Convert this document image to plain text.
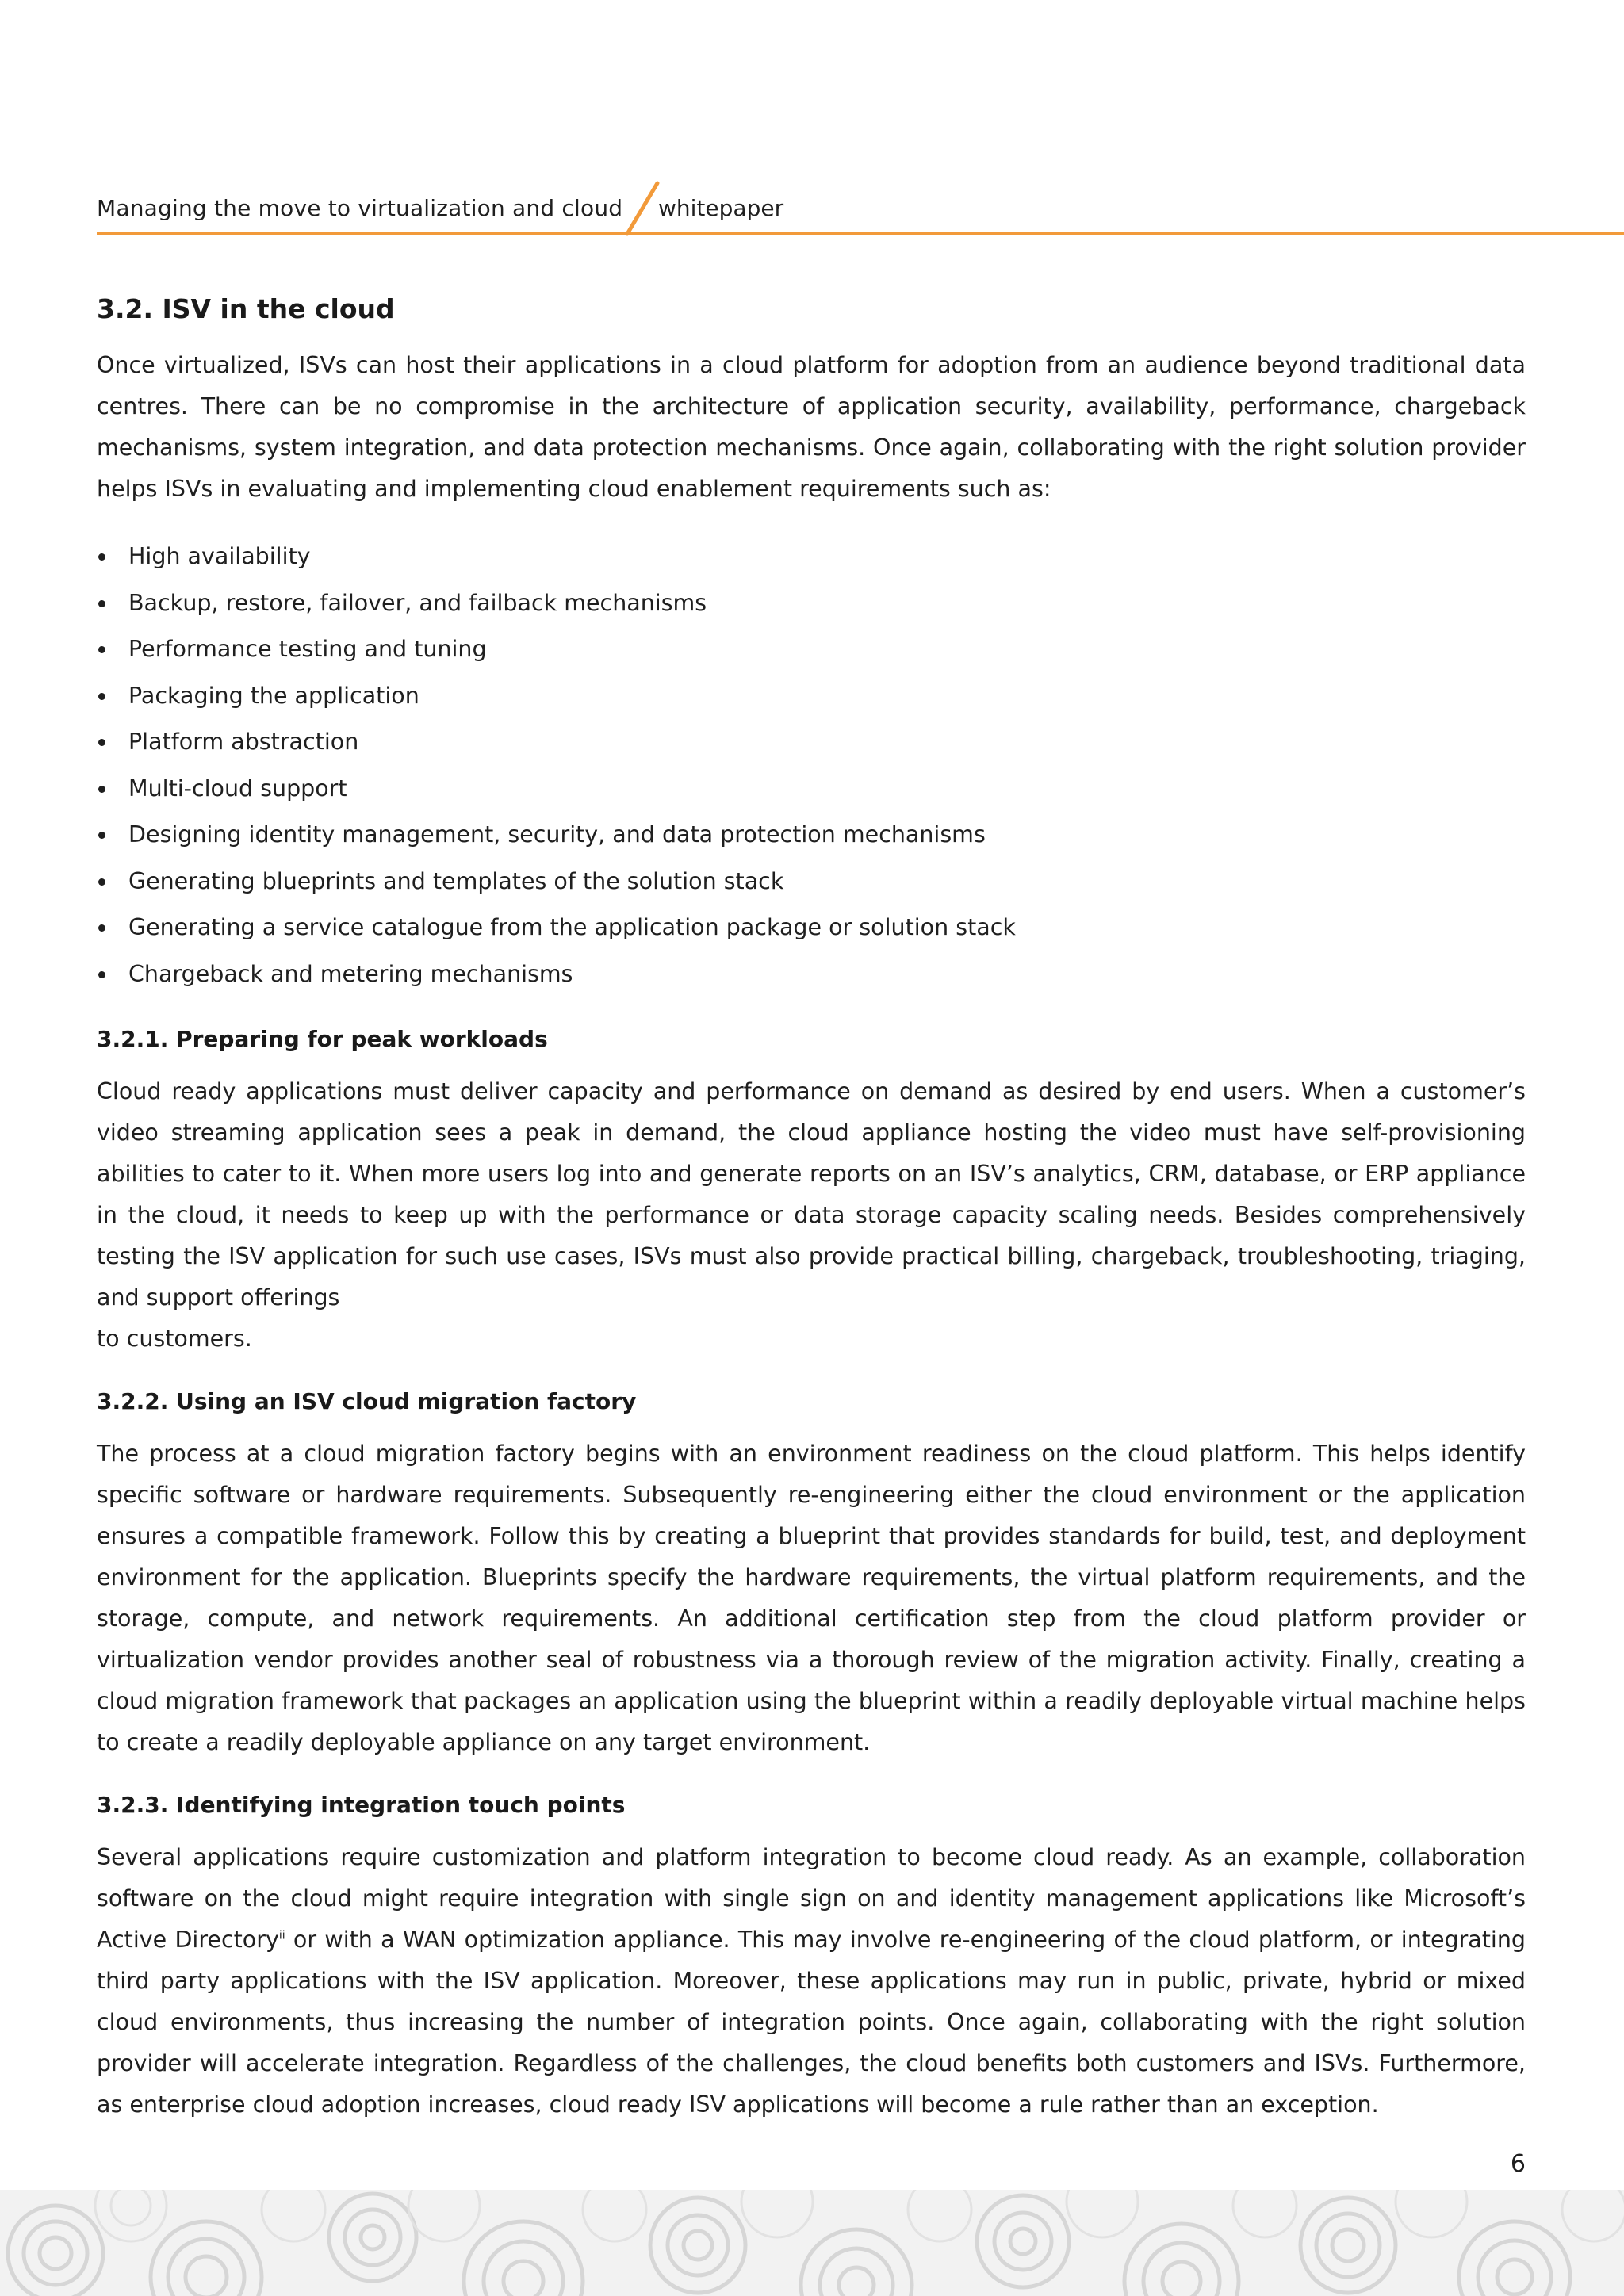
Managing the move to virtualization and cloud whitepaper
3.2. ISV in the cloud

Once virtualized, ISVs can host their applications in a cloud platform for adoption from an audience beyond traditional data centres. There can be no compromise in the architecture of application security, availability, performance, chargeback mechanisms, system integration, and data protection mechanisms. Once again, collaborating with the right solution provider helps ISVs in evaluating and implementing cloud enablement requirements such as:

High availability
Backup, restore, failover, and failback mechanisms
Performance testing and tuning
Packaging the application
Platform abstraction
Multi-cloud support
Designing identity management, security, and data protection mechanisms
Generating blueprints and templates of the solution stack
Generating a service catalogue from the application package or solution stack
Chargeback and metering mechanisms
3.2.1. Preparing for peak workloads

Cloud ready applications must deliver capacity and performance on demand as desired by end users. When a customer’s video streaming application sees a peak in demand, the cloud appliance hosting the video must have self-provisioning abilities to cater to it. When more users log into and generate reports on an ISV’s analytics, CRM, database, or ERP appliance in the cloud, it needs to keep up with the performance or data storage capacity scaling needs. Besides comprehensively testing the ISV application for such use cases, ISVs must also provide practical billing, chargeback, troubleshooting, triaging, and support offerings

to customers.

3.2.2. Using an ISV cloud migration factory

The process at a cloud migration factory begins with an environment readiness on the cloud platform. This helps identify specific software or hardware requirements. Subsequently re-engineering either the cloud environment or the application ensures a compatible framework. Follow this by creating a blueprint that provides standards for build, test, and deployment environment for the application. Blueprints specify the hardware requirements, the virtual platform requirements, and the storage, compute, and network requirements. An additional certification step from the cloud platform provider or virtualization vendor provides another seal of robustness via a thorough review of the migration activity. Finally, creating a cloud migration framework that packages an application using the blueprint within a readily deployable virtual machine helps to create a readily deployable appliance on any target environment.

3.2.3. Identifying integration touch points

Several applications require customization and platform integration to become cloud ready. As an example, collaboration software on the cloud might require integration with single sign on and identity management applications like Microsoft’s Active Directory$^{ii}$ or with a WAN optimization appliance. This may involve re-engineering of the cloud platform, or integrating third party applications with the ISV application. Moreover, these applications may run in public, private, hybrid or mixed cloud environments, thus increasing the number of integration points. Once again, collaborating with the right solution provider will accelerate integration. Regardless of the challenges, the cloud benefits both customers and ISVs. Furthermore, as enterprise cloud adoption increases, cloud ready ISV applications will become a rule rather than an exception.

6
